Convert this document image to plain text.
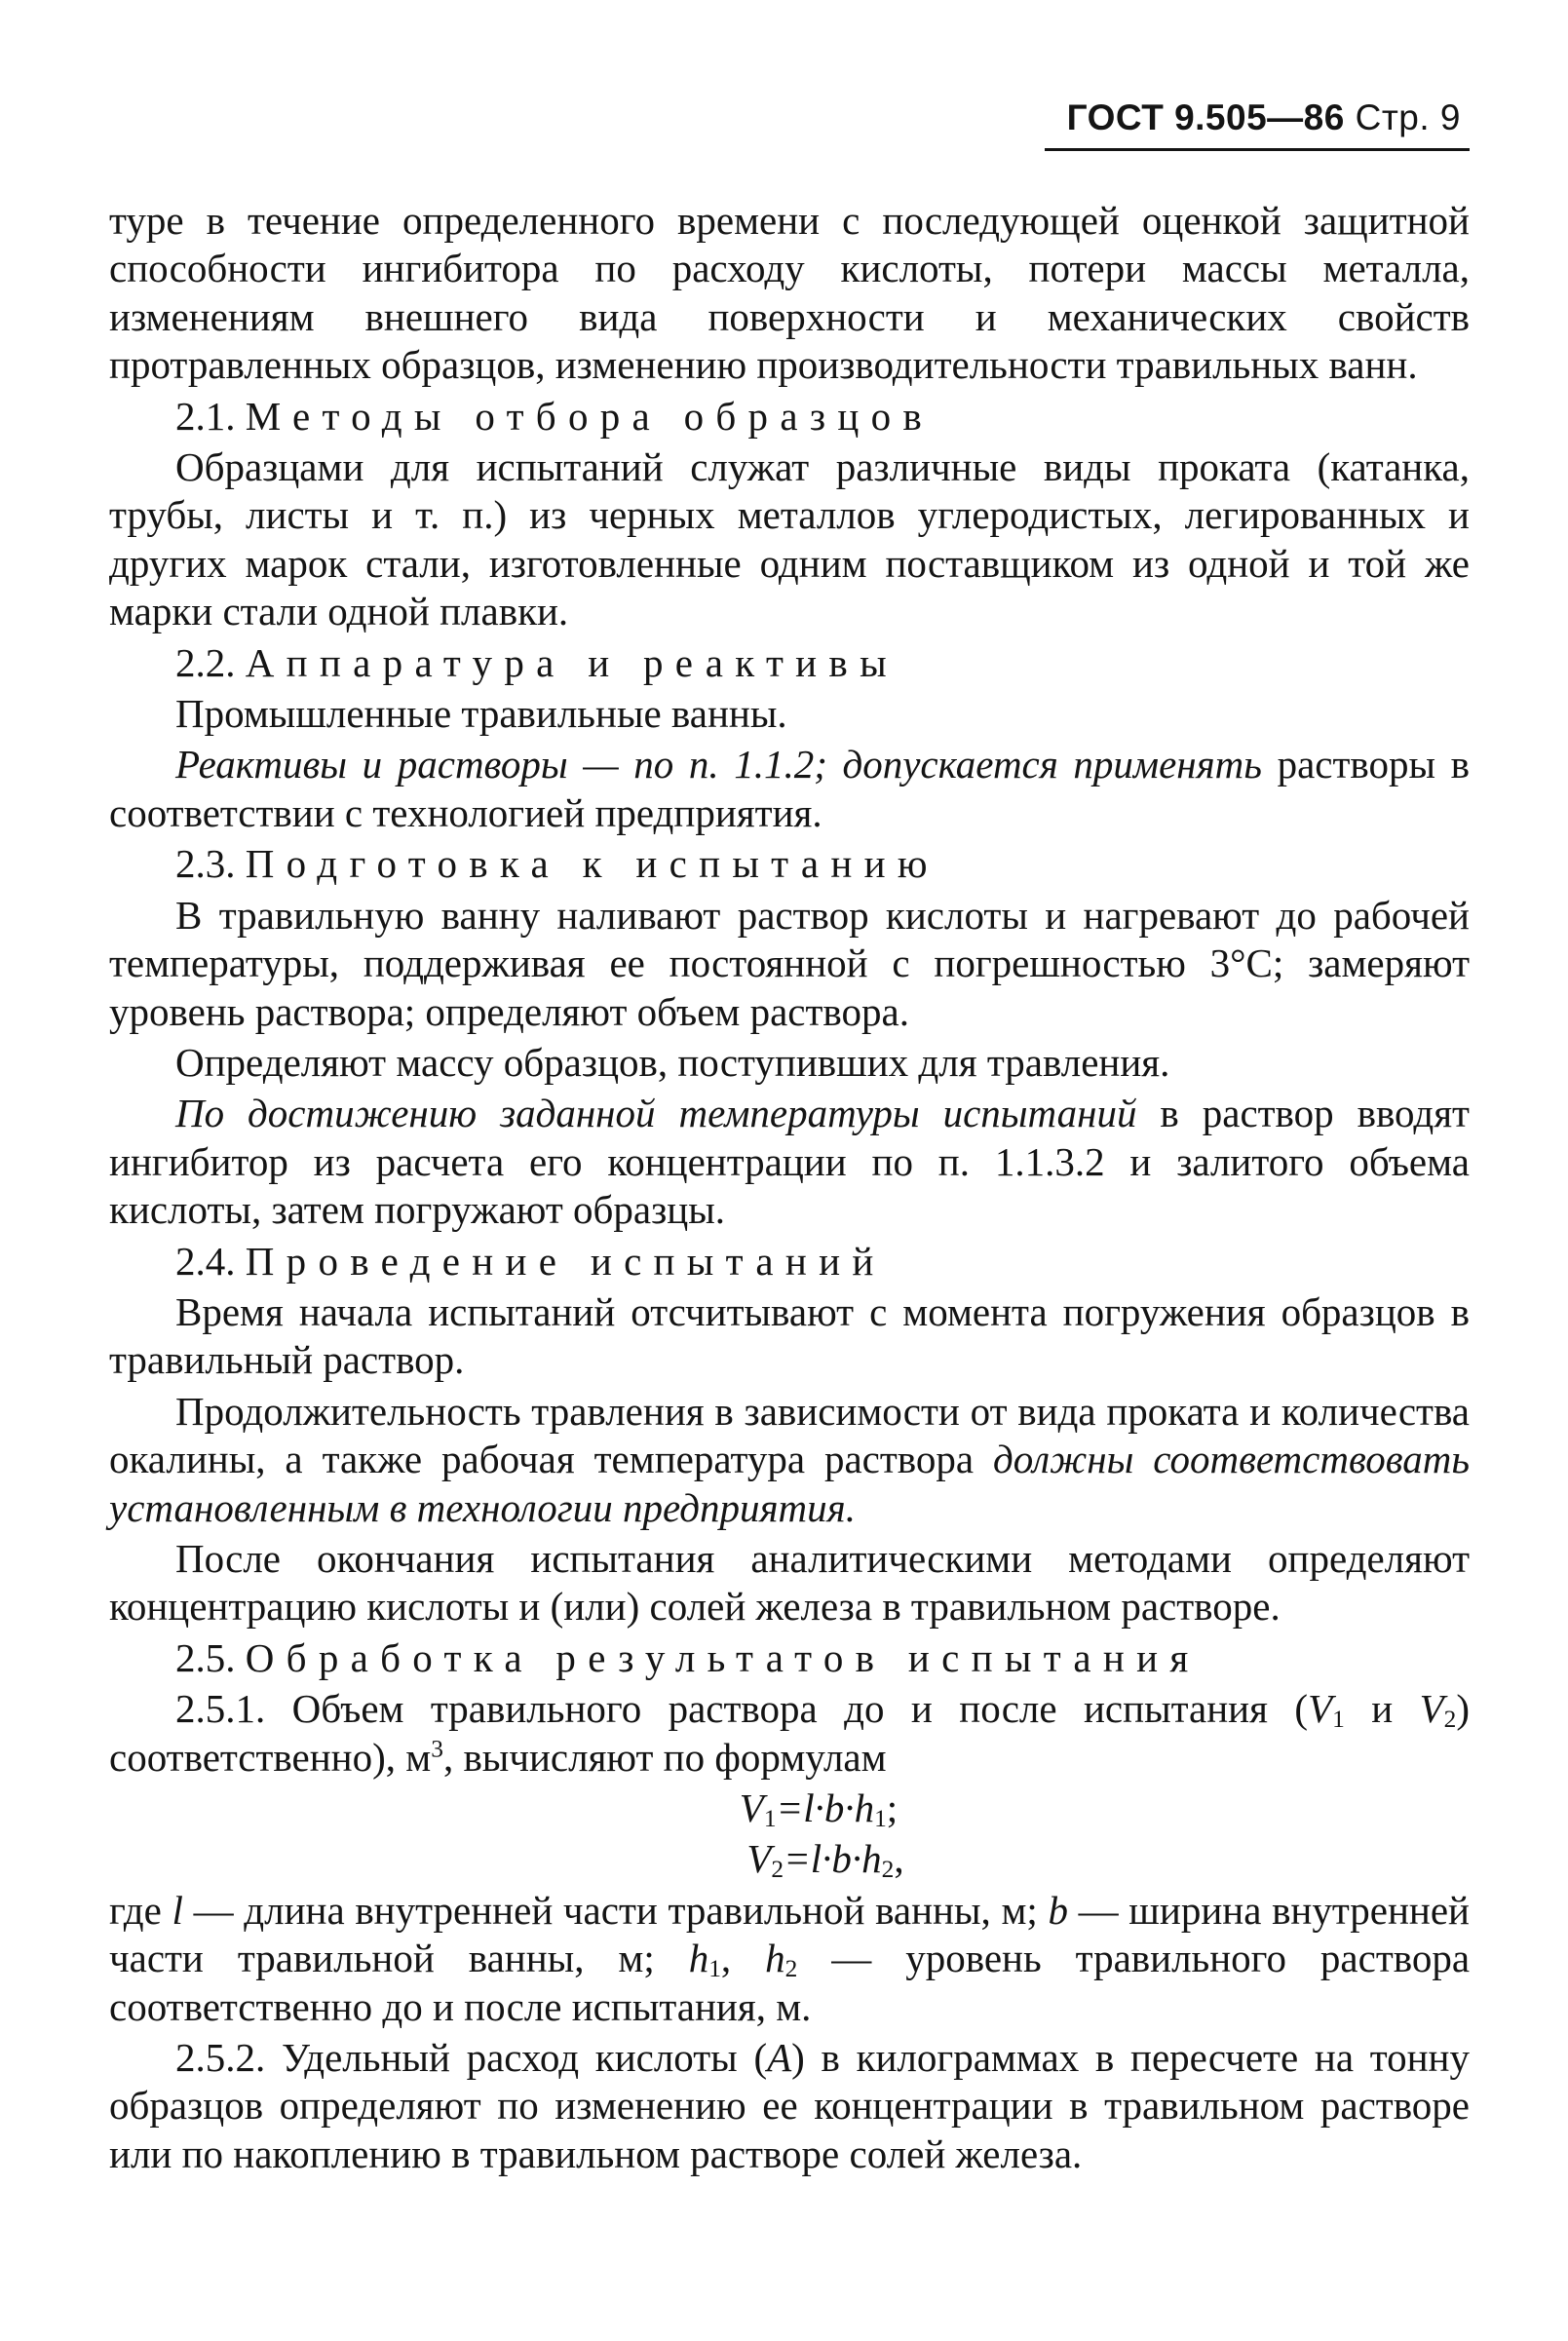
ГОСТ 9.505—86 Стр. 9

туре в течение определенного времени с последующей оценкой защитной способности ингибитора по расходу кислоты, потери массы металла, изменениям внешнего вида поверхности и механических свойств протравленных образцов, изменению производительности травильных ванн.

2.1. Методы отбора образцов

Образцами для испытаний служат различные виды проката (катанка, трубы, листы и т. п.) из черных металлов углеродистых, легированных и других марок стали, изготовленные одним поставщиком из одной и той же марки стали одной плавки.

2.2. Аппаратура и реактивы

Промышленные травильные ванны.

Реактивы и растворы — по п. 1.1.2; допускается применять растворы в соответствии с технологией предприятия.

2.3. Подготовка к испытанию

В травильную ванну наливают раствор кислоты и нагревают до рабочей температуры, поддерживая ее постоянной с погрешностью 3°С; замеряют уровень раствора; определяют объем раствора.

Определяют массу образцов, поступивших для травления.

По достижению заданной температуры испытаний в раствор вводят ингибитор из расчета его концентрации по п. 1.1.3.2 и залитого объема кислоты, затем погружают образцы.

2.4. Проведение испытаний

Время начала испытаний отсчитывают с момента погружения образцов в травильный раствор.

Продолжительность травления в зависимости от вида проката и количества окалины, а также рабочая температура раствора должны соответствовать установленным в технологии предприятия.

После окончания испытания аналитическими методами определяют концентрацию кислоты и (или) солей железа в травильном растворе.

2.5. Обработка результатов испытания

2.5.1. Объем травильного раствора до и после испытания ($V_1$ и $V_2$) соответственно), $м^3$, вычисляют по формулам

$V_1=l\cdot b\cdot h_1$;
$V_2=l\cdot b\cdot h_2$,

где l — длина внутренней части травильной ванны, м; b — ширина внутренней части травильной ванны, м; $h_1$, $h_2$ — уровень травильного раствора соответственно до и после испытания, м.

2.5.2. Удельный расход кислоты (A) в килограммах в пересчете на тонну образцов определяют по изменению ее концентрации в травильном растворе или по накоплению в травильном растворе солей железа.
